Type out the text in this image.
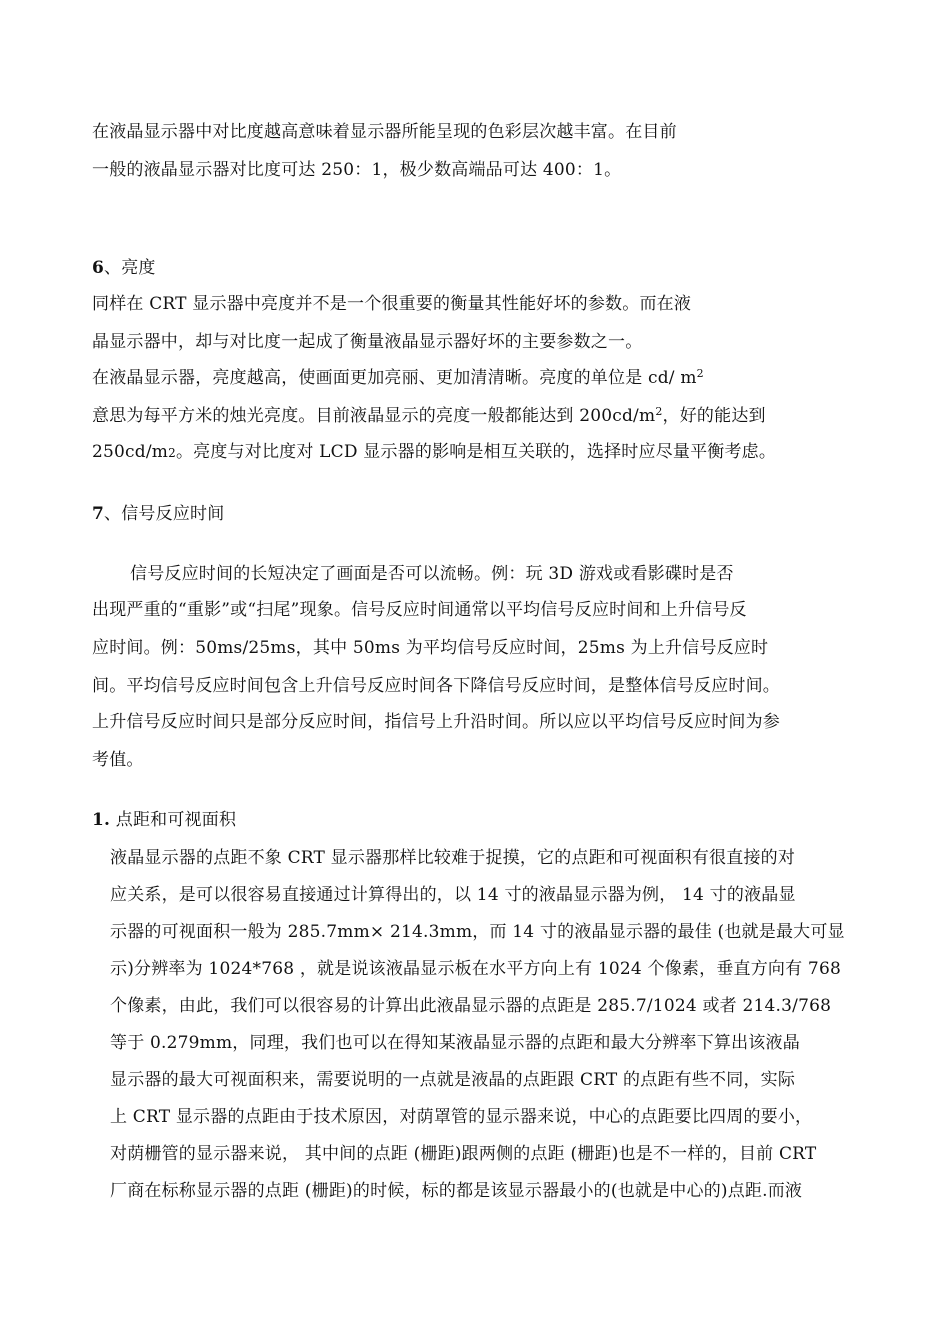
在液晶显示器中对比度越高意味着显示器所能呈现的色彩层次越丰富。在目前
一般的液晶显示器对比度可达 250：1，极少数高端品可达 400：1。
6、亮度
同样在 CRT 显示器中亮度并不是一个很重要的衡量其性能好坏的参数。而在液
晶显示器中，却与对比度一起成了衡量液晶显示器好坏的主要参数之一。
在液晶显示器，亮度越高，使画面更加亮丽、更加清清晰。亮度的单位是 cd/ $m^2$
意思为每平方米的烛光亮度。目前液晶显示的亮度一般都能达到 $200cd/m^2$，好的能达到
250cd/m2。亮度与对比度对 LCD 显示器的影响是相互关联的，选择时应尽量平衡考虑。
7、信号反应时间
信号反应时间的长短决定了画面是否可以流畅。例：玩 3D 游戏或看影碟时是否
出现严重的“重影”或“扫尾”现象。信号反应时间通常以平均信号反应时间和上升信号反
应时间。例：50ms/25ms，其中 50ms 为平均信号反应时间，25ms 为上升信号反应时
间。平均信号反应时间包含上升信号反应时间各下降信号反应时间，是整体信号反应时间。
上升信号反应时间只是部分反应时间，指信号上升沿时间。所以应以平均信号反应时间为参
考值。
1. 点距和可视面积
液晶显示器的点距不象 CRT 显示器那样比较难于捉摸，它的点距和可视面积有很直接的对
应关系，是可以很容易直接通过计算得出的，以 14 寸的液晶显示器为例， 14 寸的液晶显
示器的可视面积一般为 285.7mm× 214.3mm，而 14 寸的液晶显示器的最佳 (也就是最大可显
示)分辨率为 1024*768 ，就是说该液晶显示板在水平方向上有 1024 个像素，垂直方向有 768
个像素，由此，我们可以很容易的计算出此液晶显示器的点距是 285.7/1024 或者 214.3/768
等于 0.279mm，同理，我们也可以在得知某液晶显示器的点距和最大分辨率下算出该液晶
显示器的最大可视面积来，需要说明的一点就是液晶的点距跟 CRT 的点距有些不同，实际
上 CRT 显示器的点距由于技术原因，对荫罩管的显示器来说，中心的点距要比四周的要小，
对荫栅管的显示器来说， 其中间的点距 (栅距)跟两侧的点距 (栅距)也是不一样的，目前 CRT
厂商在标称显示器的点距 (栅距)的时候，标的都是该显示器最小的(也就是中心的)点距.而液
